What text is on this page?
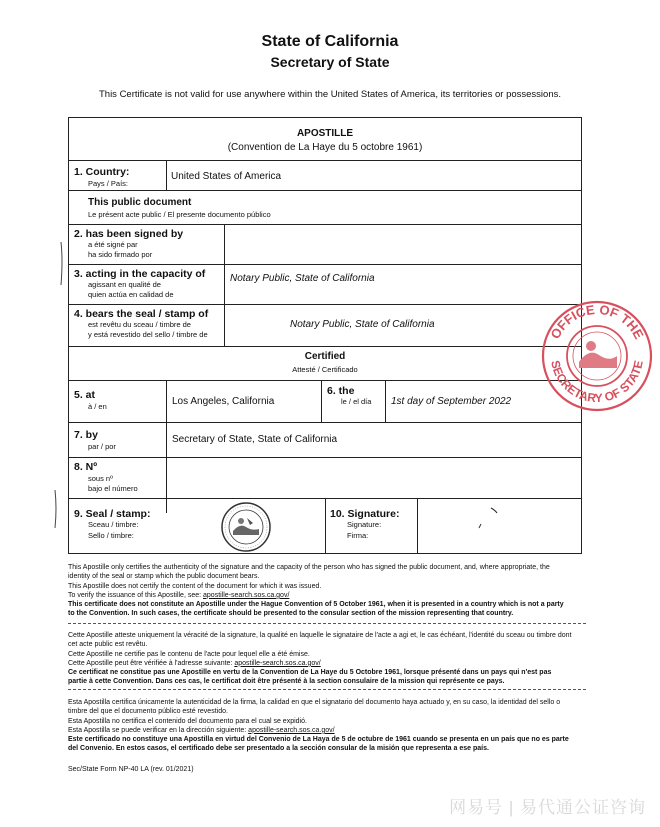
State of California
Secretary of State
This Certificate is not valid for use anywhere within the United States of America, its territories or possessions.
APOSTILLE
(Convention de La Haye du 5 octobre 1961)
1. Country:
Pays / País:
United States of America
This public document
Le présent acte public / El presente documento público
2. has been signed by
a été signé par
ha sido firmado por
3. acting in the capacity of
agissant en qualité de
quien actúa en calidad de
Notary Public, State of California
4. bears the seal / stamp of
est revêtu du sceau / timbre de
y está revestido del sello / timbre de
Notary Public, State of California
Certified
Attesté / Certificado
5. at
à / en	Los Angeles, California
6. the
le / el día 1st day of September 2022
7. by
par / por
Secretary of State, State of California
8. Nº
sous nº
bajo el número
9. Seal / stamp:
Sceau / timbre:
Sello / timbre:
10. Signature:
Signature:
Firma:
OFFICE OF THE
SECRETARY OF STATE
This Apostille only certifies the authenticity of the signature and the capacity of the person who has signed the public document, and, where appropriate, the
identity of the seal or stamp which the public document bears.
This Apostille does not certify the content of the document for which it was issued.
To verify the issuance of this Apostille, see: apostille-search.sos.ca.gov/
This certificate does not constitute an Apostille under the Hague Convention of 5 October 1961, when it is presented in a country which is not a party
to the Convention. In such cases, the certificate should be presented to the consular section of the mission representing that country.
Cette Apostille atteste uniquement la véracité de la signature, la qualité en laquelle le signataire de l'acte a agi et, le cas échéant, l'identité du sceau ou timbre dont
cet acte public est revêtu.
Cette Apostille ne certifie pas le contenu de l'acte pour lequel elle a été émise.
Cette Apostille peut être vérifiée à l'adresse suivante: apostille-search.sos.ca.gov/
Ce certificat ne constitue pas une Apostille en vertu de la Convention de La Haye du 5 Octobre 1961, lorsque présenté dans un pays qui n'est pas
partie à cette Convention. Dans ces cas, le certificat doit être présenté à la section consulaire de la mission qui représente ce pays.
Esta Apostilla certifica únicamente la autenticidad de la firma, la calidad en que el signatario del documento haya actuado y, en su caso, la identidad del sello o
timbre del que el documento público esté revestido.
Esta Apostilla no certifica el contenido del documento para el cual se expidió.
Esta Apostilla se puede verificar en la dirección siguiente: apostille-search.sos.ca.gov/
Este certificado no constituye una Apostilla en virtud del Convenio de La Haya de 5 de octubre de 1961 cuando se presenta en un país que no es parte
del Convenio. En estos casos, el certificado debe ser presentado a la sección consular de la misión que representa a ese país.
Sec/State Form NP-40 LA (rev. 01/2021)
网易号 | 易代通公证咨询
